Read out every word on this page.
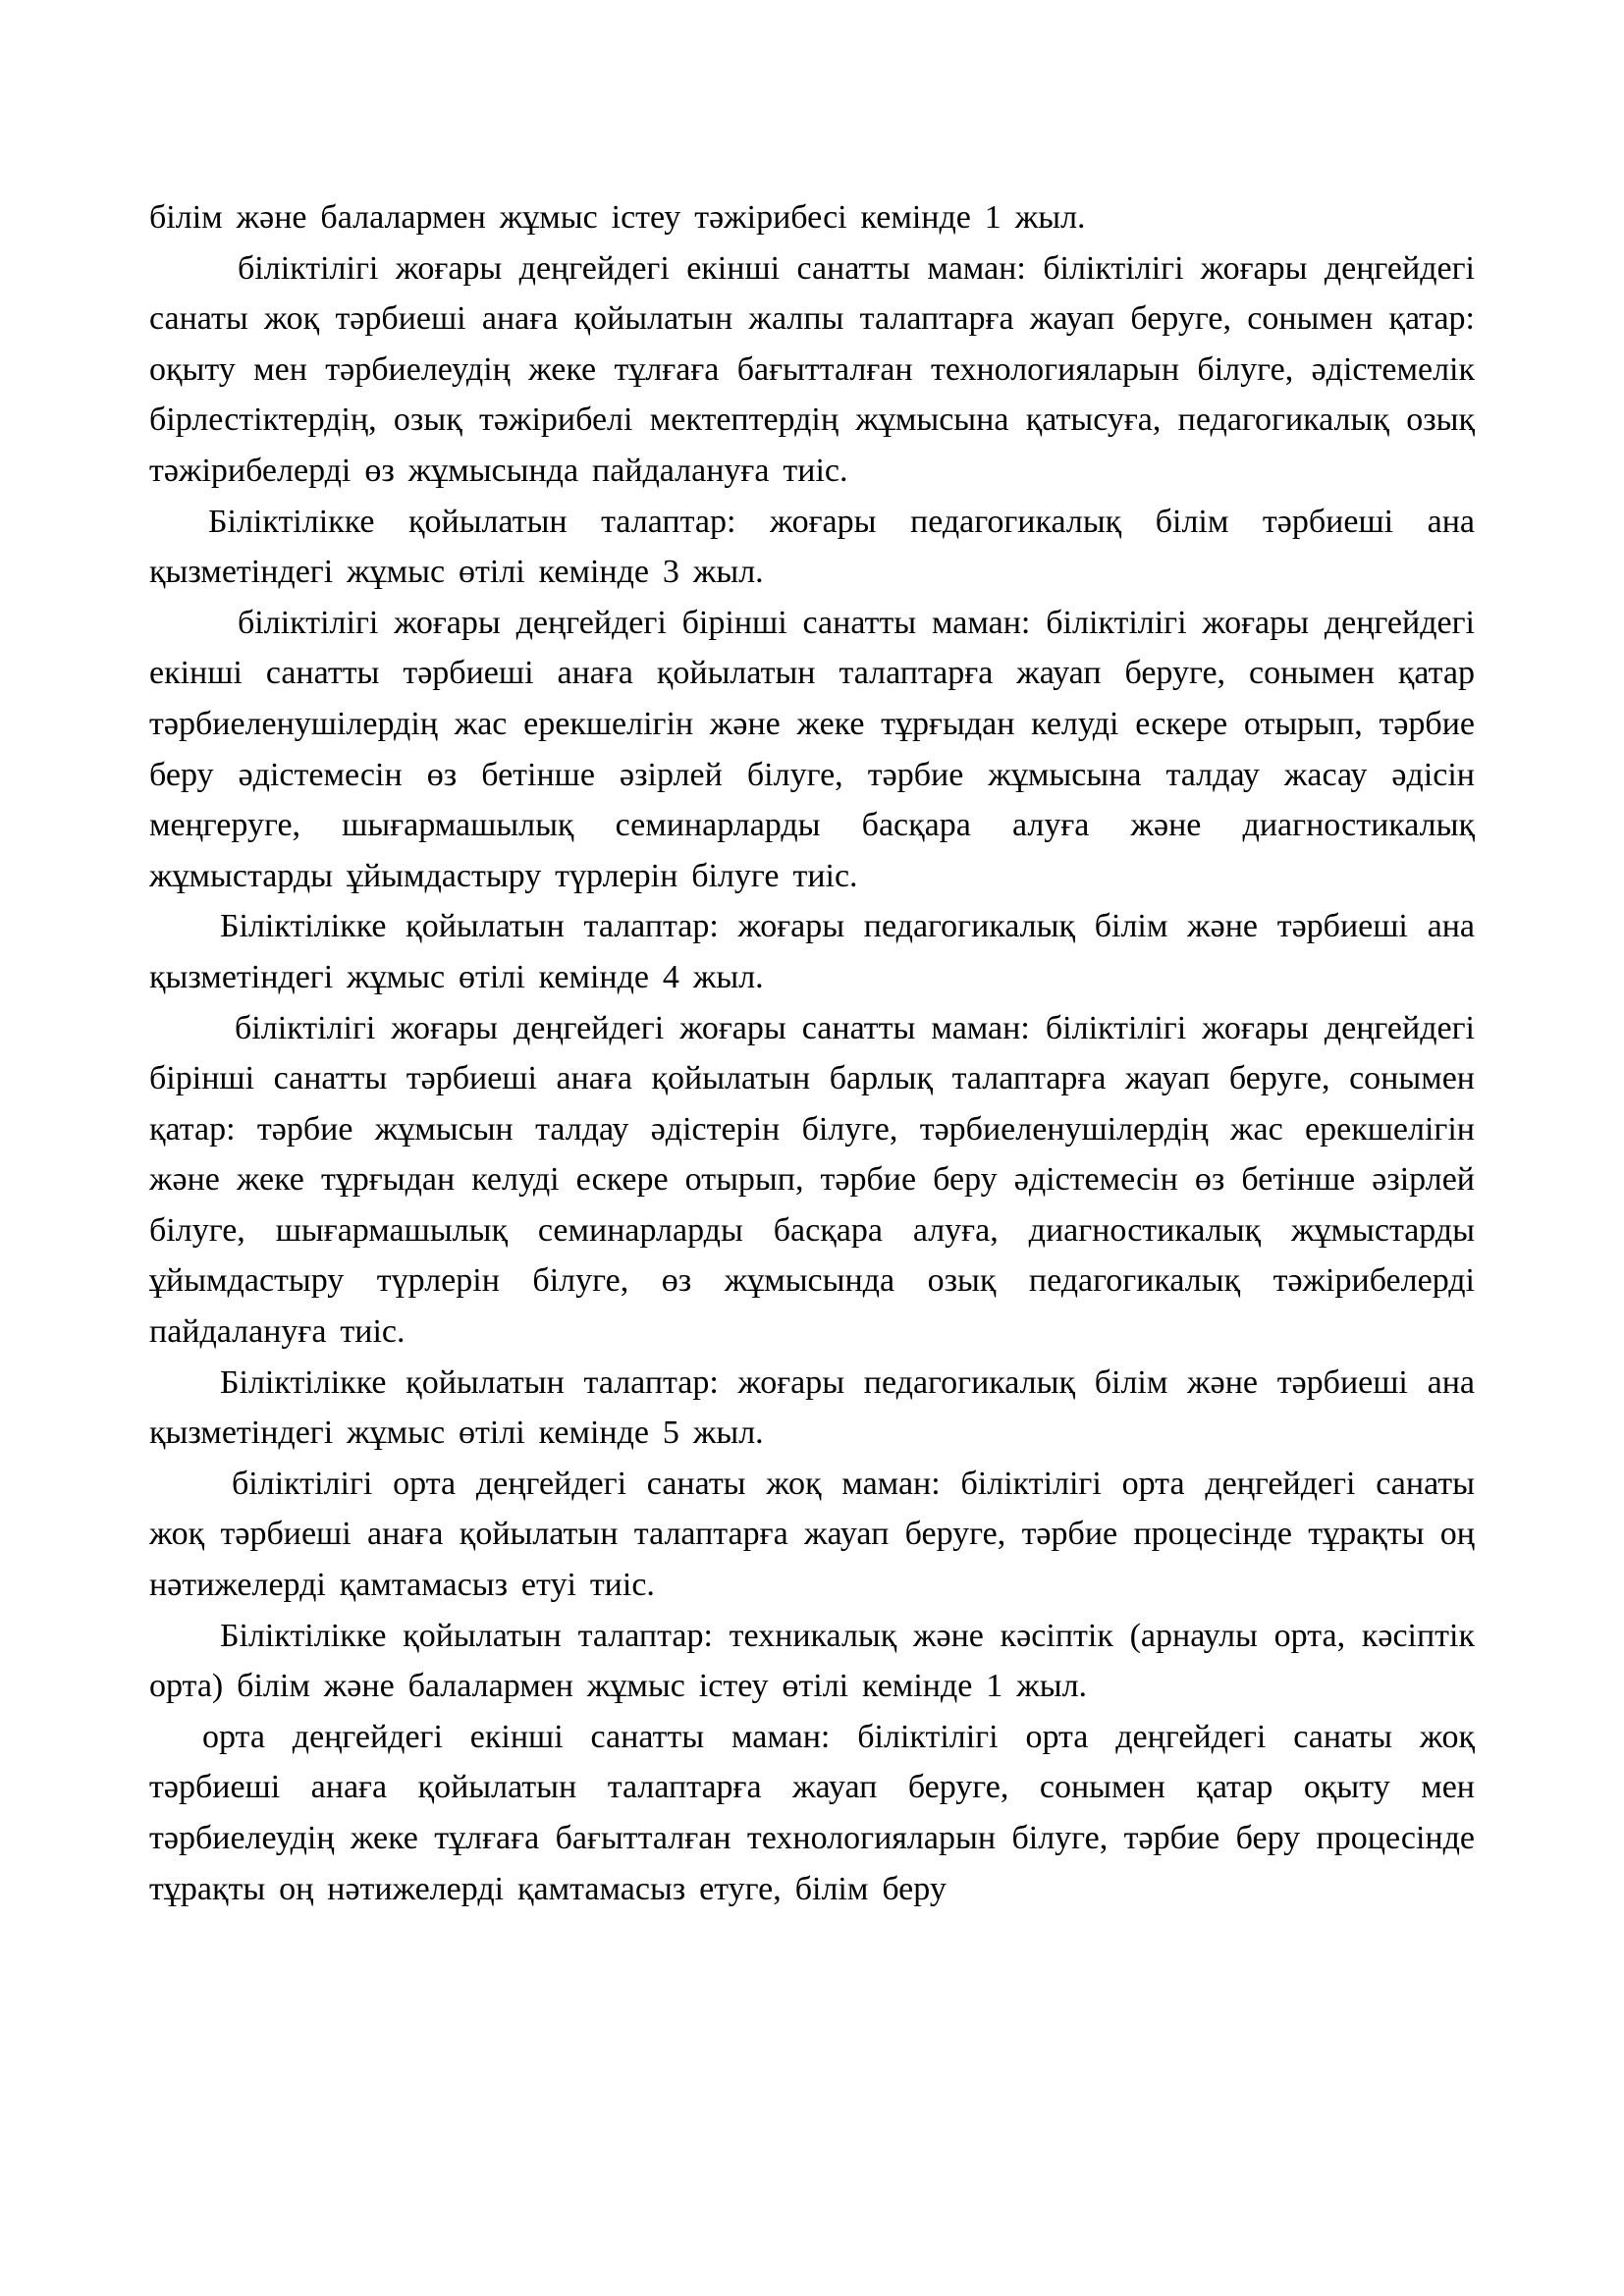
білім және балалармен жұмыс істеу тәжірибесі кемінде 1 жыл.

біліктілігі жоғары деңгейдегі екінші санатты маман: біліктілігі жоғары деңгейдегі санаты жоқ тәрбиеші анаға қойылатын жалпы талаптарға жауап беруге, сонымен қатар: оқыту мен тәрбиелеудің жеке тұлғаға бағытталған технологияларын білуге, әдістемелік бірлестіктердің, озық тәжірибелі мектептердің жұмысына қатысуға, педагогикалық озық тәжірибелерді өз жұмысында пайдалануға тиіс.

Біліктілікке қойылатын талаптар: жоғары педагогикалық білім тәрбиеші ана қызметіндегі жұмыс өтілі кемінде 3 жыл.

біліктілігі жоғары деңгейдегі бірінші санатты маман: біліктілігі жоғары деңгейдегі екінші санатты тәрбиеші анаға қойылатын талаптарға жауап беруге, сонымен қатар тәрбиеленушілердің жас ерекшелігін және жеке тұрғыдан келуді ескере отырып, тәрбие беру әдістемесін өз бетінше әзірлей білуге, тәрбие жұмысына талдау жасау әдісін меңгеруге, шығармашылық семинарларды басқара алуға және диагностикалық жұмыстарды ұйымдастыру түрлерін білуге тиіс.

Біліктілікке қойылатын талаптар: жоғары педагогикалық білім және тәрбиеші ана қызметіндегі жұмыс өтілі кемінде 4 жыл.

біліктілігі жоғары деңгейдегі жоғары санатты маман: біліктілігі жоғары деңгейдегі бірінші санатты тәрбиеші анаға қойылатын барлық талаптарға жауап беруге, сонымен қатар: тәрбие жұмысын талдау әдістерін білуге, тәрбиеленушілердің жас ерекшелігін және жеке тұрғыдан келуді ескере отырып, тәрбие беру әдістемесін өз бетінше әзірлей білуге, шығармашылық семинарларды басқара алуға, диагностикалық жұмыстарды ұйымдастыру түрлерін білуге, өз жұмысында озық педагогикалық тәжірибелерді пайдалануға тиіс.

Біліктілікке қойылатын талаптар: жоғары педагогикалық білім және тәрбиеші ана қызметіндегі жұмыс өтілі кемінде 5 жыл.

біліктілігі орта деңгейдегі санаты жоқ маман: біліктілігі орта деңгейдегі санаты жоқ тәрбиеші анаға қойылатын талаптарға жауап беруге, тәрбие процесінде тұрақты оң нәтижелерді қамтамасыз етуі тиіс.

Біліктілікке қойылатын талаптар: техникалық және кәсіптік (арнаулы орта, кәсіптік орта) білім және балалармен жұмыс істеу өтілі кемінде 1 жыл.

орта деңгейдегі екінші санатты маман: біліктілігі орта деңгейдегі санаты жоқ тәрбиеші анаға қойылатын талаптарға жауап беруге, сонымен қатар оқыту мен тәрбиелеудің жеке тұлғаға бағытталған технологияларын білуге, тәрбие беру процесінде тұрақты оң нәтижелерді қамтамасыз етуге, білім беру
